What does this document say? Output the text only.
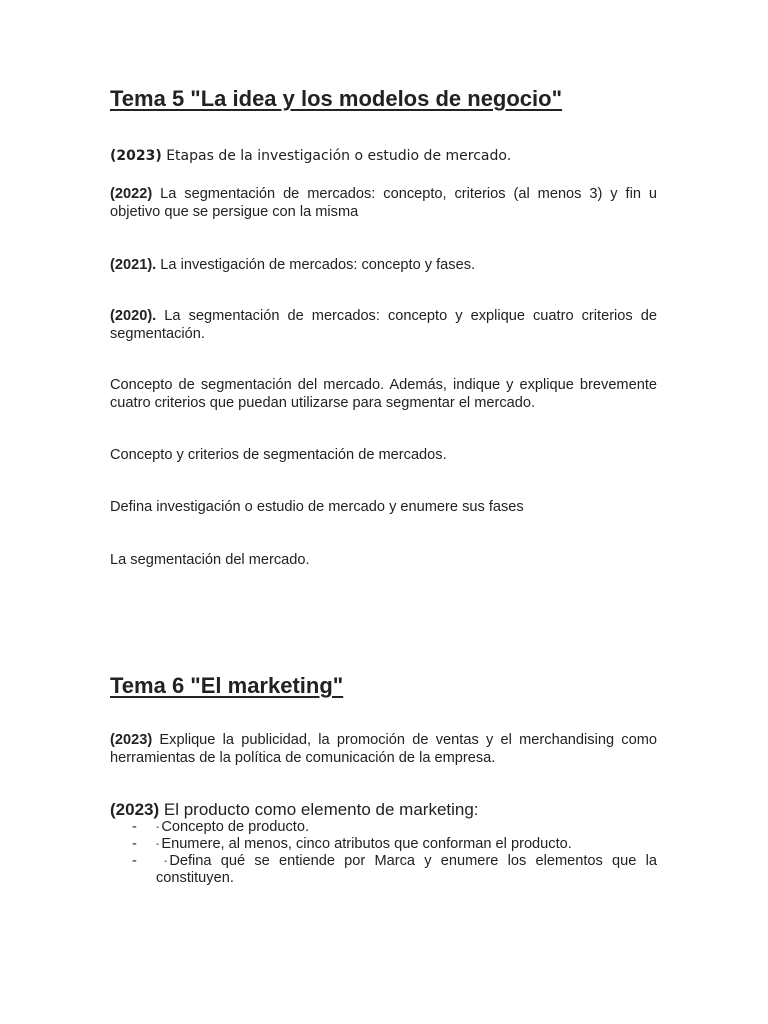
Tema 5 "La idea y los modelos de negocio"

(2023) Etapas de la investigación o estudio de mercado.

(2022) La segmentación de mercados: concepto, criterios (al menos 3) y fin u objetivo que se persigue con la misma

(2021). La investigación de mercados: concepto y fases.

(2020). La segmentación de mercados: concepto y explique cuatro criterios de segmentación.

Concepto de segmentación del mercado. Además, indique y explique brevemente cuatro criterios que puedan utilizarse para segmentar el mercado.

Concepto y criterios de segmentación de mercados.

Defina investigación o estudio de mercado y enumere sus fases

La segmentación del mercado.

Tema 6 "El marketing"

(2023) Explique la publicidad, la promoción de ventas y el merchandising como herramientas de la política de comunicación de la empresa.

(2023) El producto como elemento de marketing:

- - Concepto de producto.
- - Enumere, al menos, cinco atributos que conforman el producto.
-	- Defina qué se entiende por Marca y enumere los elementos que la constituyen.
